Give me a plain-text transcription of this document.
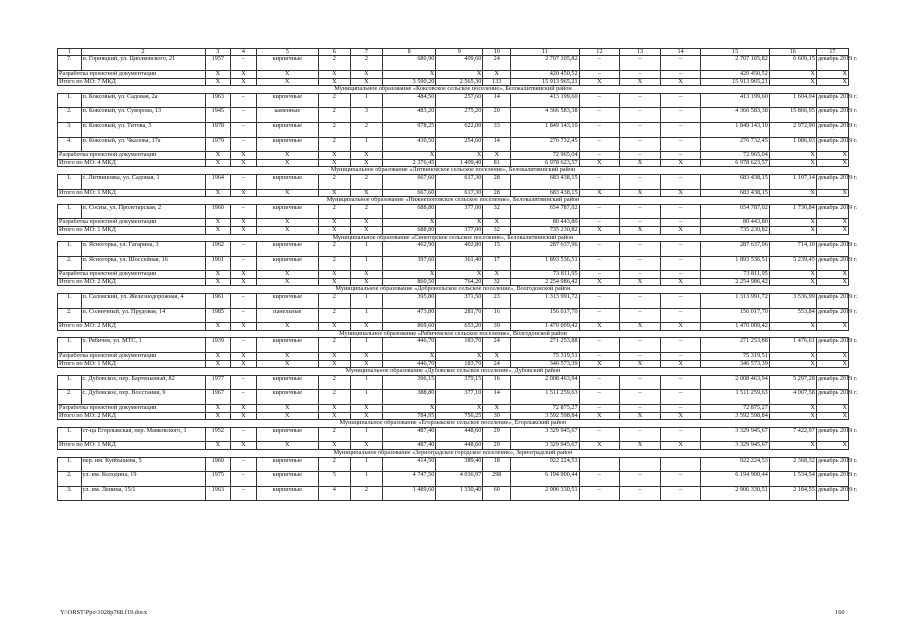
1	2	3	4	5	6	7	8	9	10	11	12	13	14	15	16	17
7.	п. Горняцкий, ул. Циолковского, 21	1957	–	кирпичные	2	2	680,90	409,60	24	2 707 105,82	–	–	–	2 707 105,82	6 609,15	декабрь 2019 г.
Разработка проектной документации		X	X	X	X	X	X	X	X	420 450,52	–	–	–	420 450,52	X	X
Итого по МО: 7 МКД		X	X	X	X	X	3 590,20	2 565,30	133	15 913 965,21	X	X	X	15 913 965,21	X	X
Муниципальное образование «Коксовское сельское поселение», Белокалитвинский район																
1.	п. Коксовый, ул. Садовая, 2а	1963	–	кирпичные	2	1	484,50	257,60	14	413 199,60	–	–	–	413 199,60	1 604,04	декабрь 2019 г.
2.	п. Коксовый, ул. Суворова, 13	1945	–	каменные	2	3	483,20	275,20	20	4 366 583,38	–	–	–	4 366 583,38	15 866,95	декабрь 2019 г.
3.	п. Коксовый, ул. Титова, 5	1978	–	кирпичные	2	2	978,25	622,00	33	1 849 143,10	–	–	–	1 849 143,10	2 972,90	декабрь 2019 г.
4.	п. Коксовый, ул. Чкалова, 17а	1979	–	кирпичные	2	1	430,50	254,60	14	276 732,45	–	–	–	276 732,45	1 086,93	декабрь 2019 г.
Разработка проектной документации		X	X	X	X	X	X	X	X	72 965,04	–	–	–	72 965,04	X	X
Итого по МО: 4 МКД		X	X	X	X	X	2 376,45	1 409,40	81	6 978 623,57	X	X	X	6 978 623,57	X	X
Муниципальное образование «Литвиновское сельское поселение», Белокалитвинский район																
1.	с. Литвиновка, ул. Садовая, 1	1964	–	кирпичные	2	2	667,60	617,30	28	683 438,15	–	–	–	683 438,15	1 107,14	декабрь 2019 г.
Итого по МО: 1 МКД		X	X	X	X	X	667,60	617,30	28	683 438,15	X	X	X	683 438,15	X	X
Муниципальное образование «Нижнепоповское сельское поселение», Белокалитвинский район																
1.	п. Сосны, ул. Пролетарская, 2	1960	–	кирпичные	2	2	688,80	377,00	32	654 787,02	–	–	–	654 787,02	1 736,84	декабрь 2019 г.
Разработка проектной документации		X	X	X	X	X	X	X	X	80 443,80	–	–	–	80 443,80	X	X
Итого по МО: 1 МКД		X	X	X	X	X	688,80	377,00	32	735 230,82	X	X	X	735 230,82	X	X
Муниципальное образование «Синегорское сельское поселение», Белокалитвинский район																
1.	п. Ясногорка, ул. Гагарина, 3	1962	–	кирпичные	2	1	462,90	402,80	15	287 637,96	–	–	–	287 637,96	714,10	декабрь 2019 г.
2.	п. Ясногорка, ул. Шоссейная, 16	1961	–	кирпичные	2	1	397,60	361,40	17	1 893 536,51	–	–	–	1 893 536,51	5 239,45	декабрь 2019 г.
Разработка проектной документации		X	X	X	X	X	X	X	X	73 811,95	–	–	–	73 811,95	X	X
Итого по МО: 2 МКД		X	X	X	X	X	860,50	764,20	32	2 254 986,42	X	X	X	2 254 986,42	X	X
Муниципальное образование «Добровольское сельское поселение», Волгодонской район																
1.	п. Саловский, ул. Железнодорожная, 4	1961	–	кирпичные	2	1	395,80	371,50	23	1 313 991,72	–	–	–	1 313 991,72	3 536,99	декабрь 2019 г.
2.	п. Солнечный, ул. Прудовая, 14	1985	–	панельные	2	1	473,80	281,70	16	156 017,70	–	–	–	156 017,70	553,84	декабрь 2019 г.
Итого по МО: 2 МКД		X	X	X	X	X	869,60	653,20	39	1 470 009,42	X	X	X	1 470 009,42	X	X
Муниципальное образование «Рябичевское сельское поселение», Волгодонской район																
1.	х. Рябичев, ул. МТС, 1	1939	–	кирпичные	2	1	446,70	183,70	24	271 253,88	–	–	–	271 253,88	1 476,61	декабрь 2019 г.
Разработка проектной документации		X	X	X	X	X	X	X	X	75 319,51	–	–	–	75 319,51	X	X
Итого по МО: 1 МКД		X	X	X	X	X	446,70	183,70	24	346 573,39	X	X	X	346 573,39	X	X
Муниципальное образование «Дубовское сельское поселение», Дубовский район																
1.	с. Дубовское, пер. Бартеньевый, 82	1977	–	кирпичные	2	1	396,15	379,15	16	2 008 463,94	–	–	–	2 008 463,94	5 297,28	декабрь 2019 г.
2.	с. Дубовское, пер. Восстания, 9	1967	–	кирпичные	2	1	388,80	377,10	14	1 511 259,63	–	–	–	1 511 259,63	4 007,58	декабрь 2019 г.
Разработка проектной документации		X	X	X	X	X	X	X	X	72 875,27	–	–	–	72 875,27	X	X
Итого по МО: 2 МКД		X	X	X	X	X	784,95	756,25	30	3 592 598,84	X	X	X	3 592 598,84	X	X
Муниципальное образование «Егорлыкское сельское поселение», Егорлыкский район																
1.	ст-ца Егорлыкская, пер. Маяковского, 1	1952	–	кирпичные	2	1	487,40	448,60	29	3 329 945,67	–	–	–	3 329 945,67	7 422,97	декабрь 2019 г.
Итого по МО: 1 МКД		X	X	X	X	X	487,40	448,60	29	3 329 945,67	X	X	X	3 329 945,67	X	X
Муниципальное образование «Зерноградское городское поселение», Зерноградский район																
1.	пер. им. Куйбышева, 5	1960	–	кирпичные	2	1	414,50	389,40	18	922 224,53				922 224,53	2 368,32	декабрь 2019 г.
2.	ул. им. Колодина, 19	1975	–	кирпичные	5	1	4 747,50	4 036,97	298	6 194 900,44	–	–	–	6 194 900,44	1 534,54	декабрь 2019 г.
3.	ул. им. Ленина, 15/1	1963	–	кирпичные	4	2	1 489,60	1 330,40	60	2 906 330,51	–	–	–	2 906 330,51	2 184,55	декабрь 2019 г.
Y:\ORST\Ppo\1028p768.f19.docx	160
